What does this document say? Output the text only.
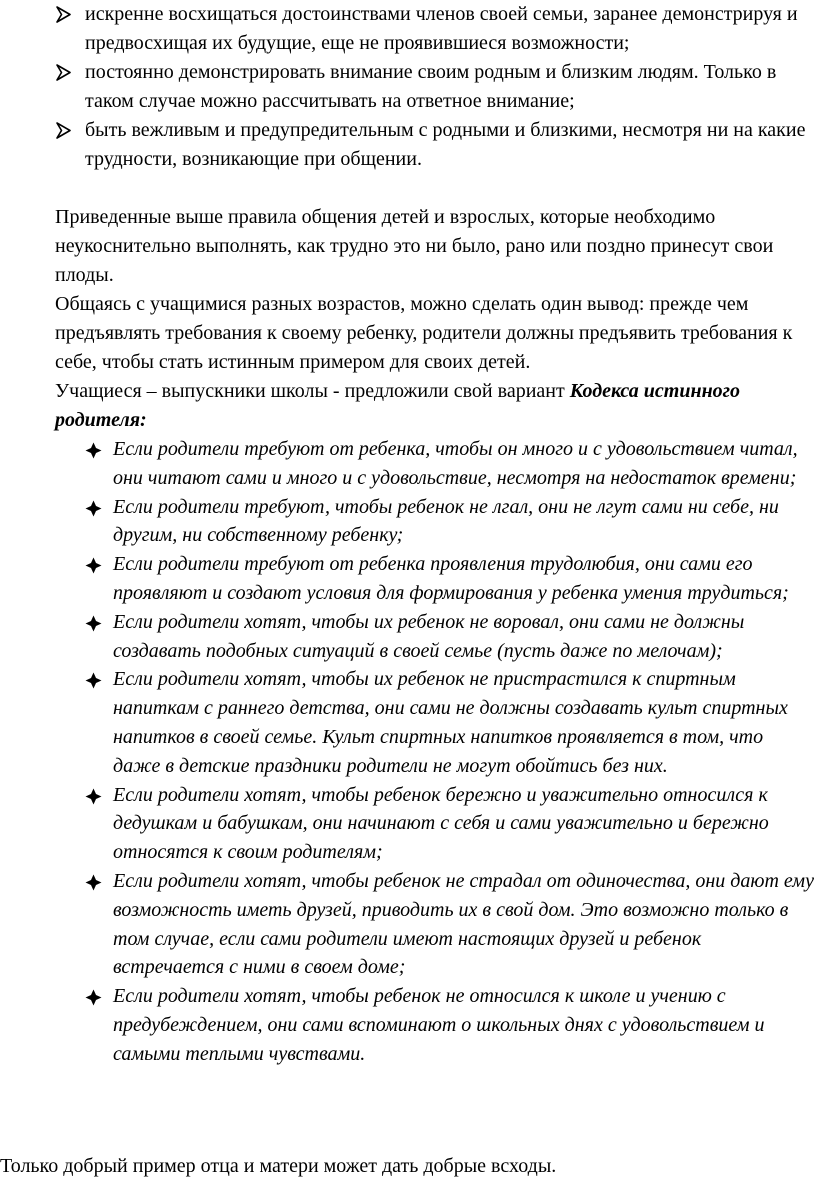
искренне восхищаться достоинствами членов своей семьи, заранее демонстрируя и предвосхищая их будущие, еще не проявившиеся возможности;
постоянно демонстрировать внимание своим родным и близким людям. Только в таком случае можно рассчитывать на ответное внимание;
быть вежливым и предупредительным с родными и близкими, несмотря ни на какие трудности, возникающие при общении.

Приведенные выше правила общения детей и взрослых, которые необходимо неукоснительно выполнять, как трудно это ни было, рано или поздно принесут свои плоды.

Общаясь с учащимися разных возрастов, можно сделать один вывод: прежде чем предъявлять требования к своему ребенку, родители должны предъявить требования к себе, чтобы стать истинным примером для своих детей.

Учащиеся – выпускники школы - предложили свой вариант Кодекса истинного родителя:

Если родители требуют от ребенка, чтобы он много и с удовольствием читал, они читают сами и много и с удовольствие, несмотря на недостаток времени;
Если родители требуют, чтобы ребенок не лгал, они не лгут сами ни себе, ни другим, ни собственному ребенку;
Если родители требуют от ребенка проявления трудолюбия, они сами его проявляют и создают условия для формирования у ребенка умения трудиться;
Если родители хотят, чтобы их ребенок не воровал, они сами не должны создавать подобных ситуаций в своей семье (пусть даже по мелочам);
Если родители хотят, чтобы их ребенок не пристрастился к спиртным напиткам с раннего детства, они сами не должны создавать культ спиртных напитков в своей семье. Культ спиртных напитков проявляется в том, что даже в детские праздники родители не могут обойтись без них.
Если родители хотят, чтобы ребенок бережно и уважительно относился к дедушкам и бабушкам, они начинают с себя и сами уважительно и бережно относятся к своим родителям;
Если родители хотят, чтобы ребенок не страдал от одиночества, они дают ему возможность иметь друзей, приводить их в свой дом. Это возможно только в том случае, если сами родители имеют настоящих друзей и ребенок встречается с ними в своем доме;
Если родители хотят, чтобы ребенок не относился к школе и учению с предубеждением, они сами вспоминают о школьных днях с удовольствием и самыми теплыми чувствами.

Только добрый пример отца и матери может дать добрые всходы.
